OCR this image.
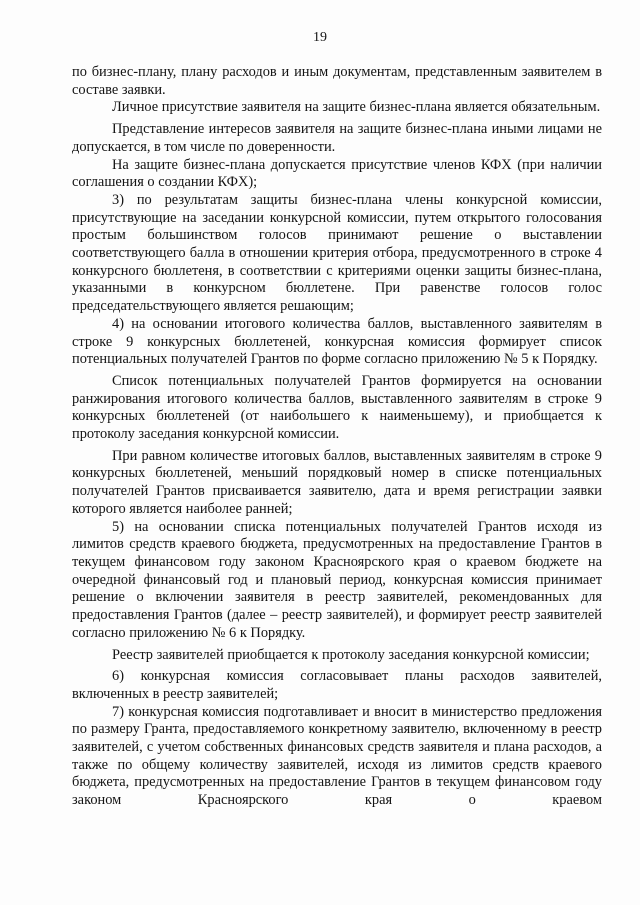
19

по бизнес-плану, плану расходов и иным документам, представленным заявителем в составе заявки.

Личное присутствие заявителя на защите бизнес-плана является обязательным.

Представление интересов заявителя на защите бизнес-плана иными лицами не допускается, в том числе по доверенности.

На защите бизнес-плана допускается присутствие членов КФХ (при наличии соглашения о создании КФХ);

3) по результатам защиты бизнес-плана члены конкурсной комиссии, присутствующие на заседании конкурсной комиссии, путем открытого голосования простым большинством голосов принимают решение о выставлении соответствующего балла в отношении критерия отбора, предусмотренного в строке 4 конкурсного бюллетеня, в соответствии с критериями оценки защиты бизнес-плана, указанными в конкурсном бюллетене. При равенстве голосов голос председательствующего является решающим;

4) на основании итогового количества баллов, выставленного заявителям в строке 9 конкурсных бюллетеней, конкурсная комиссия формирует список потенциальных получателей Грантов по форме согласно приложению № 5 к Порядку.

Список потенциальных получателей Грантов формируется на основании ранжирования итогового количества баллов, выставленного заявителям в строке 9 конкурсных бюллетеней (от наибольшего к наименьшему), и приобщается к протоколу заседания конкурсной комиссии.

При равном количестве итоговых баллов, выставленных заявителям в строке 9 конкурсных бюллетеней, меньший порядковый номер в списке потенциальных получателей Грантов присваивается заявителю, дата и время регистрации заявки которого является наиболее ранней;

5) на основании списка потенциальных получателей Грантов исходя из лимитов средств краевого бюджета, предусмотренных на предоставление Грантов в текущем финансовом году законом Красноярского края о краевом бюджете на очередной финансовый год и плановый период, конкурсная комиссия принимает решение о включении заявителя в реестр заявителей, рекомендованных для предоставления Грантов (далее – реестр заявителей), и формирует реестр заявителей согласно приложению № 6 к Порядку.

Реестр заявителей приобщается к протоколу заседания конкурсной комиссии;

6) конкурсная комиссия согласовывает планы расходов заявителей, включенных в реестр заявителей;

7) конкурсная комиссия подготавливает и вносит в министерство предложения по размеру Гранта, предоставляемого конкретному заявителю, включенному в реестр заявителей, с учетом собственных финансовых средств заявителя и плана расходов, а также по общему количеству заявителей, исходя из лимитов средств краевого бюджета, предусмотренных на предоставление Грантов в текущем финансовом году законом Красноярского края о краевом
